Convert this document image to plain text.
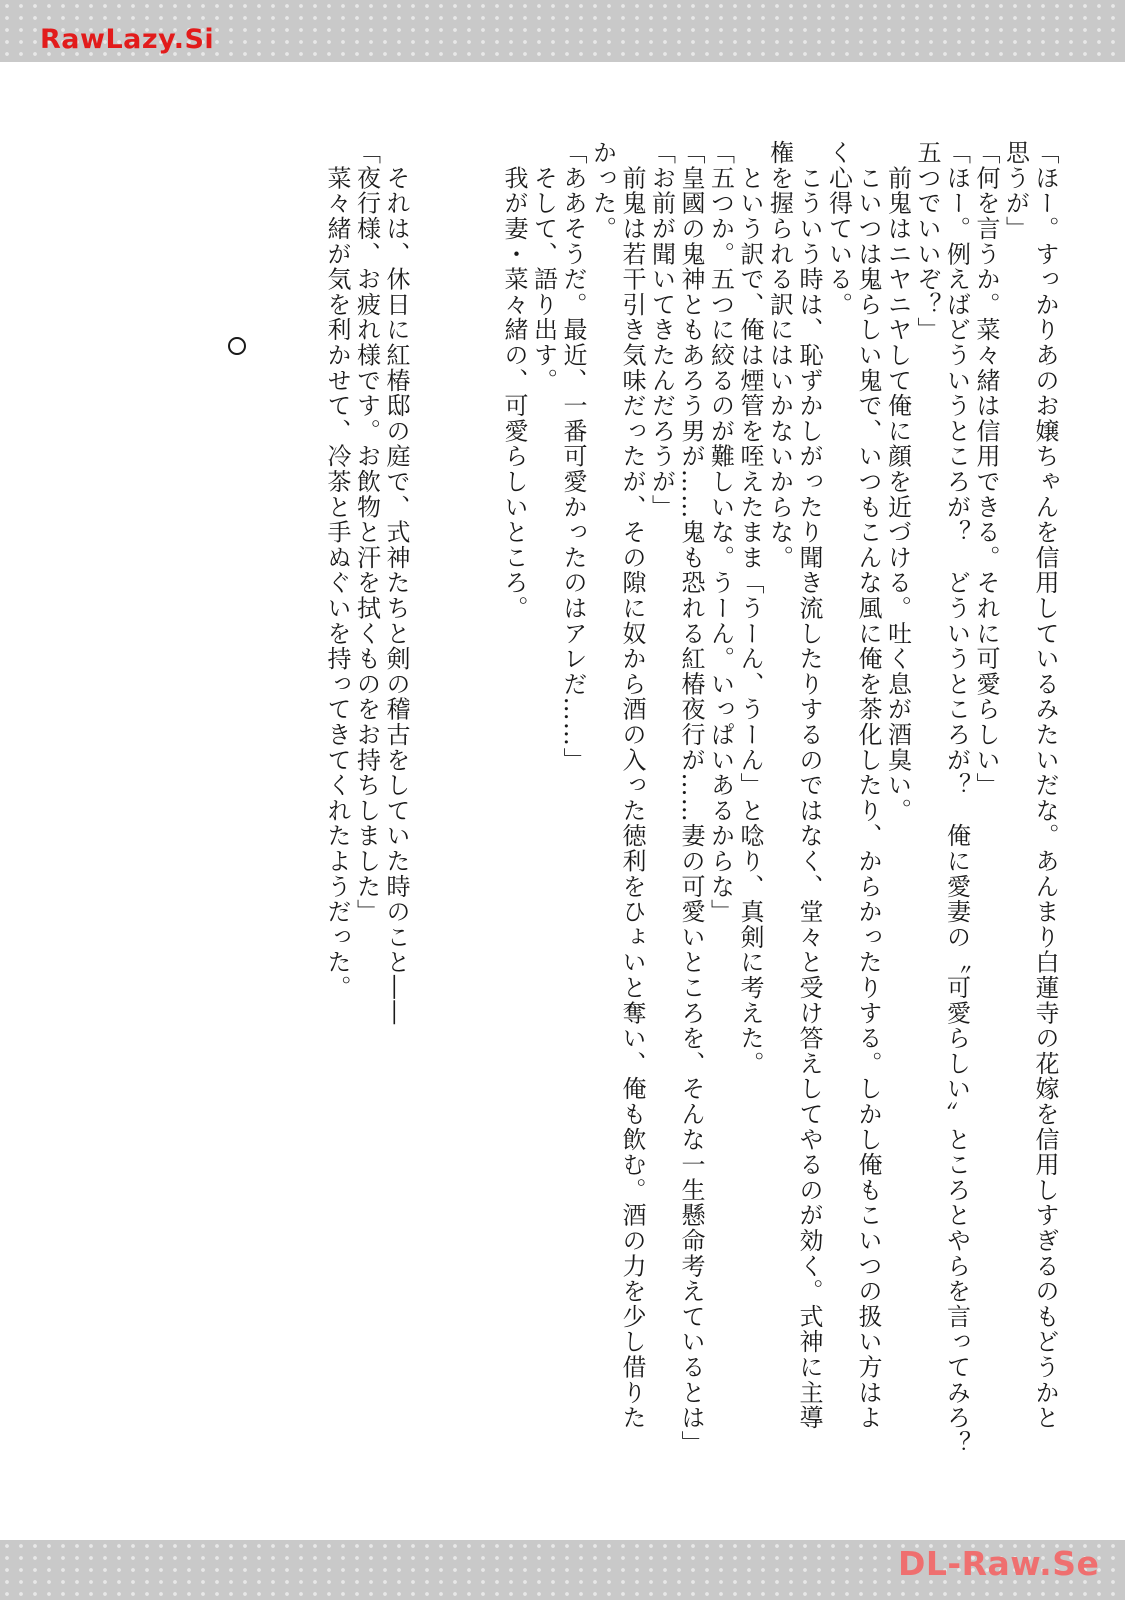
RawLazy.Si
「ほー。すっかりあのお嬢ちゃんを信用しているみたいだな。あんまり白蓮寺の花嫁を信用しすぎるのもどうかと
思うが」
「何を言うか。菜々緒は信用できる。それに可愛らしい」
「ほー。例えばどういうところが？　どういうところが？　俺に愛妻の〝可愛らしい〟ところとやらを言ってみろ？
五つでいいぞ？」
　前鬼はニヤニヤして俺に顔を近づける。吐く息が酒臭い。
　こいつは鬼らしい鬼で、いつもこんな風に俺を茶化したり、からかったりする。しかし俺もこいつの扱い方はよ
く心得ている。
　こういう時は、恥ずかしがったり聞き流したりするのではなく、堂々と受け答えしてやるのが効く。式神に主導
権を握られる訳にはいかないからな。
　という訳で、俺は煙管を咥えたまま「うーん、うーん」と唸り、真剣に考えた。
「五つか。五つに絞るのが難しいな。うーん。いっぱいあるからな」
「皇國の鬼神ともあろう男が……鬼も恐れる紅椿夜行が……妻の可愛いところを、そんな一生懸命考えているとは」
「お前が聞いてきたんだろうが」
　前鬼は若干引き気味だったが、その隙に奴から酒の入った徳利をひょいと奪い、俺も飲む。酒の力を少し借りた
かった。
「ああそうだ。最近、一番可愛かったのはアレだ……」
　そして、語り出す。
　我が妻・菜々緒の、可愛らしいところ。

　それは、休日に紅椿邸の庭で、式神たちと剣の稽古をしていた時のこと――
「夜行様、お疲れ様です。お飲物と汗を拭くものをお持ちしました」
　菜々緒が気を利かせて、冷茶と手ぬぐいを持ってきてくれたようだった。
DL-Raw.Se
